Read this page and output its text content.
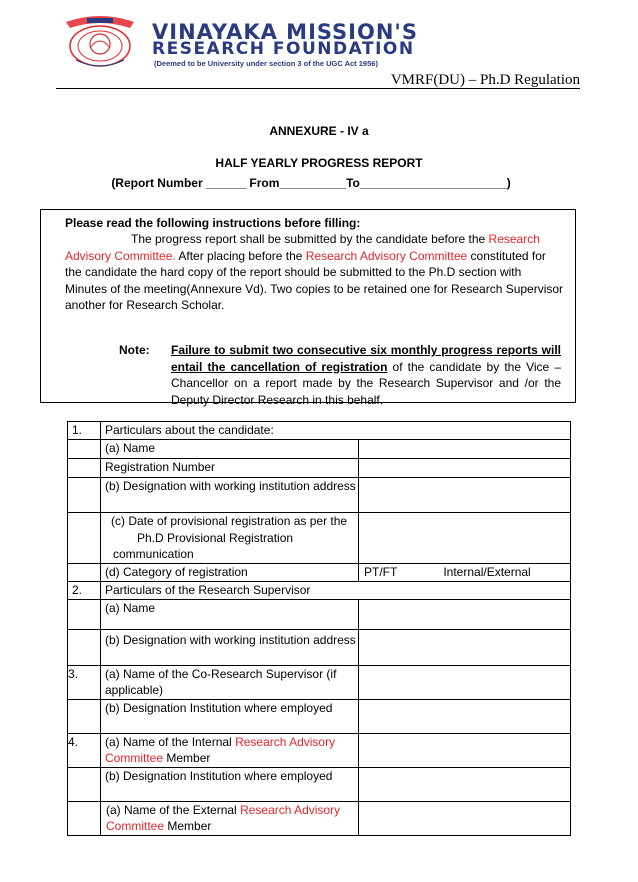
VINAYAKA MISSION'S
RESEARCH FOUNDATION
(Deemed to be University under section 3 of the UGC Act 1956)
VMRF(DU) – Ph.D Regulation
ANNEXURE - IV a
HALF YEARLY PROGRESS REPORT
(Report Number ______ From__________To______________________)
Please read the following instructions before filling:
The progress report shall be submitted by the candidate before the Research Advisory Committee. After placing before the Research Advisory Committee constituted for the candidate the hard copy of the report should be submitted to the Ph.D section with Minutes of the meeting(Annexure Vd). Two copies to be retained one for Research Supervisor another for Research Scholar.
Note: Failure to submit two consecutive six monthly progress reports will entail the cancellation of registration of the candidate by the Vice – Chancellor on a report made by the Research Supervisor and /or the Deputy Director Research in this behalf.
1.	Particulars about the candidate:	
	(a) Name	
	Registration Number	
	(b) Designation with working institution address	

	(c) Date of provisional registration as per the
Ph.D Provisional Registration
communication	

	(d) Category of registration	PT/FT Internal/External
2.	Particulars of the Research Supervisor	
	(a) Name	
	(b) Designation with working institution address	
3.	(a) Name of the Co-Research Supervisor (if applicable)	
	(b) Designation Institution where employed	
4.	(a) Name of the Internal Research Advisory Committee Member	
	(b) Designation Institution where employed	
	(a) Name of the External Research Advisory Committee Member	
